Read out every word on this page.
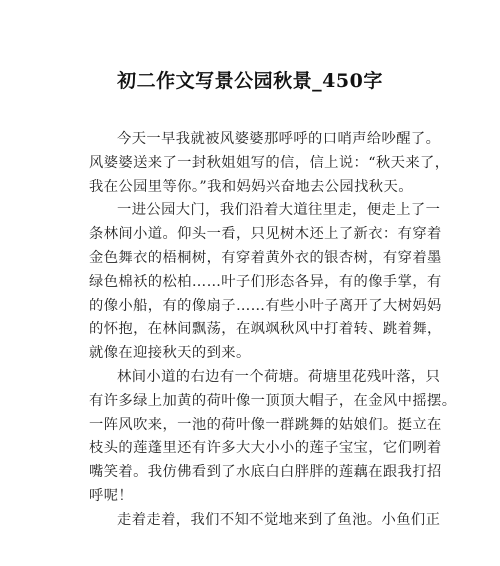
初二作文写景公园秋景_450字
今天一早我就被风婆婆那呼呼的口哨声给吵醒了。
风婆婆送来了一封秋姐姐写的信，信上说：“秋天来了，
我在公园里等你。”我和妈妈兴奋地去公园找秋天。
一进公园大门，我们沿着大道往里走，便走上了一
条林间小道。仰头一看，只见树木还上了新衣：有穿着
金色舞衣的梧桐树，有穿着黄外衣的银杏树，有穿着墨
绿色棉袄的松柏……叶子们形态各异，有的像手掌，有
的像小船，有的像扇子……有些小叶子离开了大树妈妈
的怀抱，在林间飘荡，在飒飒秋风中打着转、跳着舞，
就像在迎接秋天的到来。
林间小道的右边有一个荷塘。荷塘里花残叶落，只
有许多绿上加黄的荷叶像一顶顶大帽子，在金风中摇摆。
一阵风吹来，一池的荷叶像一群跳舞的姑娘们。挺立在
枝头的莲蓬里还有许多大大小小的莲子宝宝，它们咧着
嘴笑着。我仿佛看到了水底白白胖胖的莲藕在跟我打招
呼呢！
走着走着，我们不知不觉地来到了鱼池。小鱼们正
